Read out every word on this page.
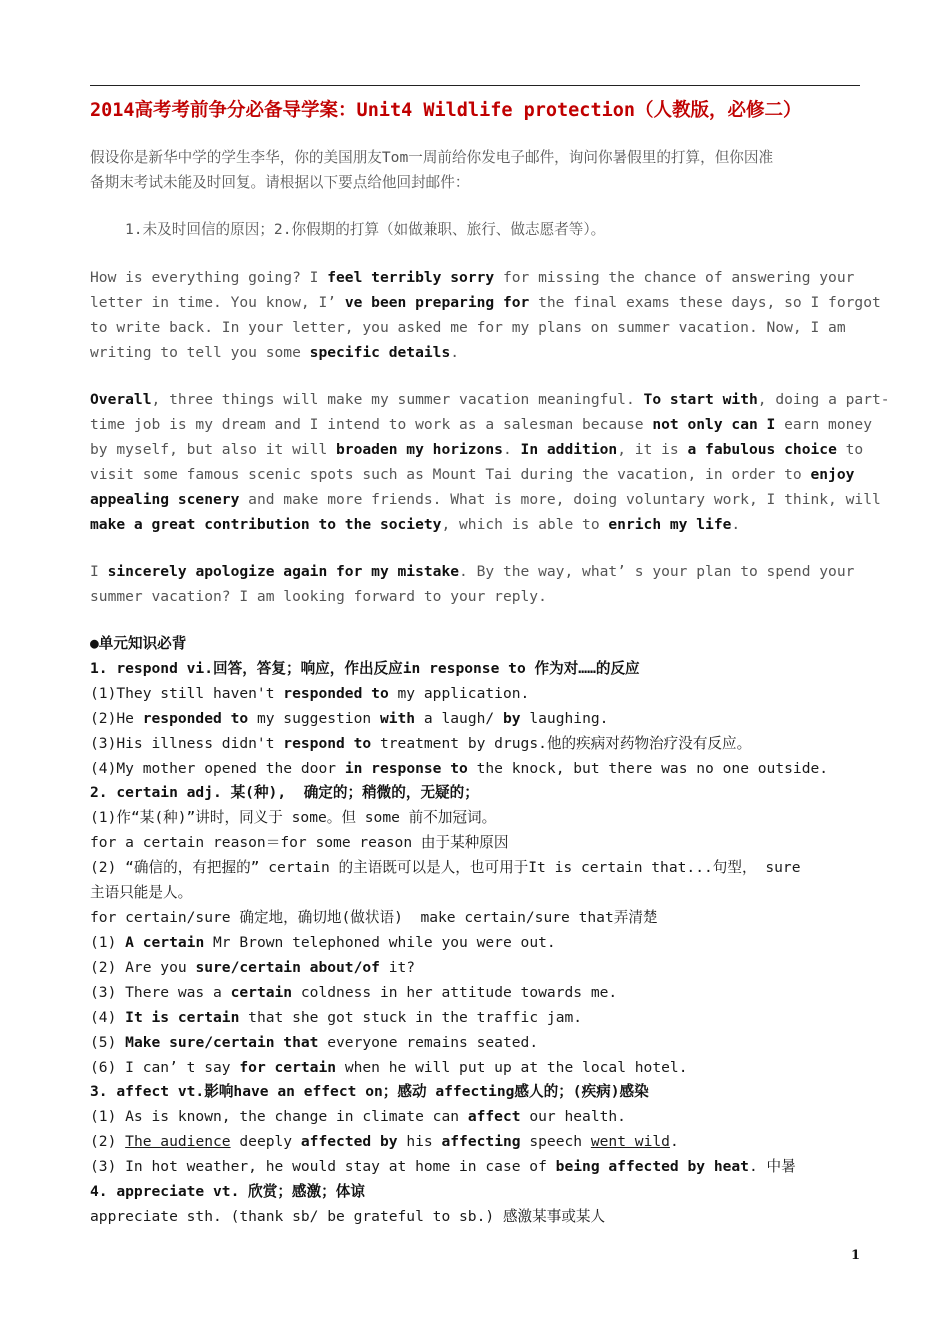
2014高考考前争分必备导学案：Unit4 Wildlife protection（人教版，必修二）
假设你是新华中学的学生李华，你的美国朋友Tom一周前给你发电子邮件，询问你暑假里的打算，但你因准
备期末考试未能及时回复。请根据以下要点给他回封邮件：
1.未及时回信的原因；2.你假期的打算（如做兼职、旅行、做志愿者等）。
How is everything going? I feel terribly sorry for missing the chance of answering your
letter in time. You know, I’ ve been preparing for the final exams these days, so I forgot
to write back. In your letter, you asked me for my plans on summer vacation. Now, I am
writing to tell you some specific details.
Overall, three things will make my summer vacation meaningful. To start with, doing a part-
time job is my dream and I intend to work as a salesman because not only can I earn money
by myself, but also it will broaden my horizons. In addition, it is a fabulous choice to
visit some famous scenic spots such as Mount Tai during the vacation, in order to enjoy
appealing scenery and make more friends. What is more, doing voluntary work, I think, will
make a great contribution to the society, which is able to enrich my life.
I sincerely apologize again for my mistake. By the way, what’ s your plan to spend your
summer vacation? I am looking forward to your reply.
●单元知识必背
1. respond vi.回答，答复；响应，作出反应in response to 作为对……的反应
(1)They still haven't responded to my application.
(2)He responded to my suggestion with a laugh/ by laughing.
(3)His illness didn't respond to treatment by drugs.他的疾病对药物治疗没有反应。
(4)My mother opened the door in response to the knock, but there was no one outside.
2. certain adj. 某(种),  确定的；稍微的，无疑的；
(1)作“某(种)”讲时，同义于 some。但 some 前不加冠词。
for a certain reason＝for some reason 由于某种原因
(2) “确信的，有把握的” certain 的主语既可以是人，也可用于It is certain that...句型， sure
主语只能是人。
for certain/sure 确定地，确切地(做状语)  make certain/sure that弄清楚
(1) A certain Mr Brown telephoned while you were out.
(2) Are you sure/certain about/of it?
(3) There was a certain coldness in her attitude towards me.
(4) It is certain that she got stuck in the traffic jam.
(5) Make sure/certain that everyone remains seated.
(6) I can’ t say for certain when he will put up at the local hotel.
3. affect vt.影响have an effect on；感动 affecting感人的；(疾病)感染
(1) As is known, the change in climate can affect our health.
(2) The audience deeply affected by his affecting speech went wild.
(3) In hot weather, he would stay at home in case of being affected by heat. 中暑
4. appreciate vt. 欣赏；感激；体谅
appreciate sth. (thank sb/ be grateful to sb.) 感激某事或某人
1
